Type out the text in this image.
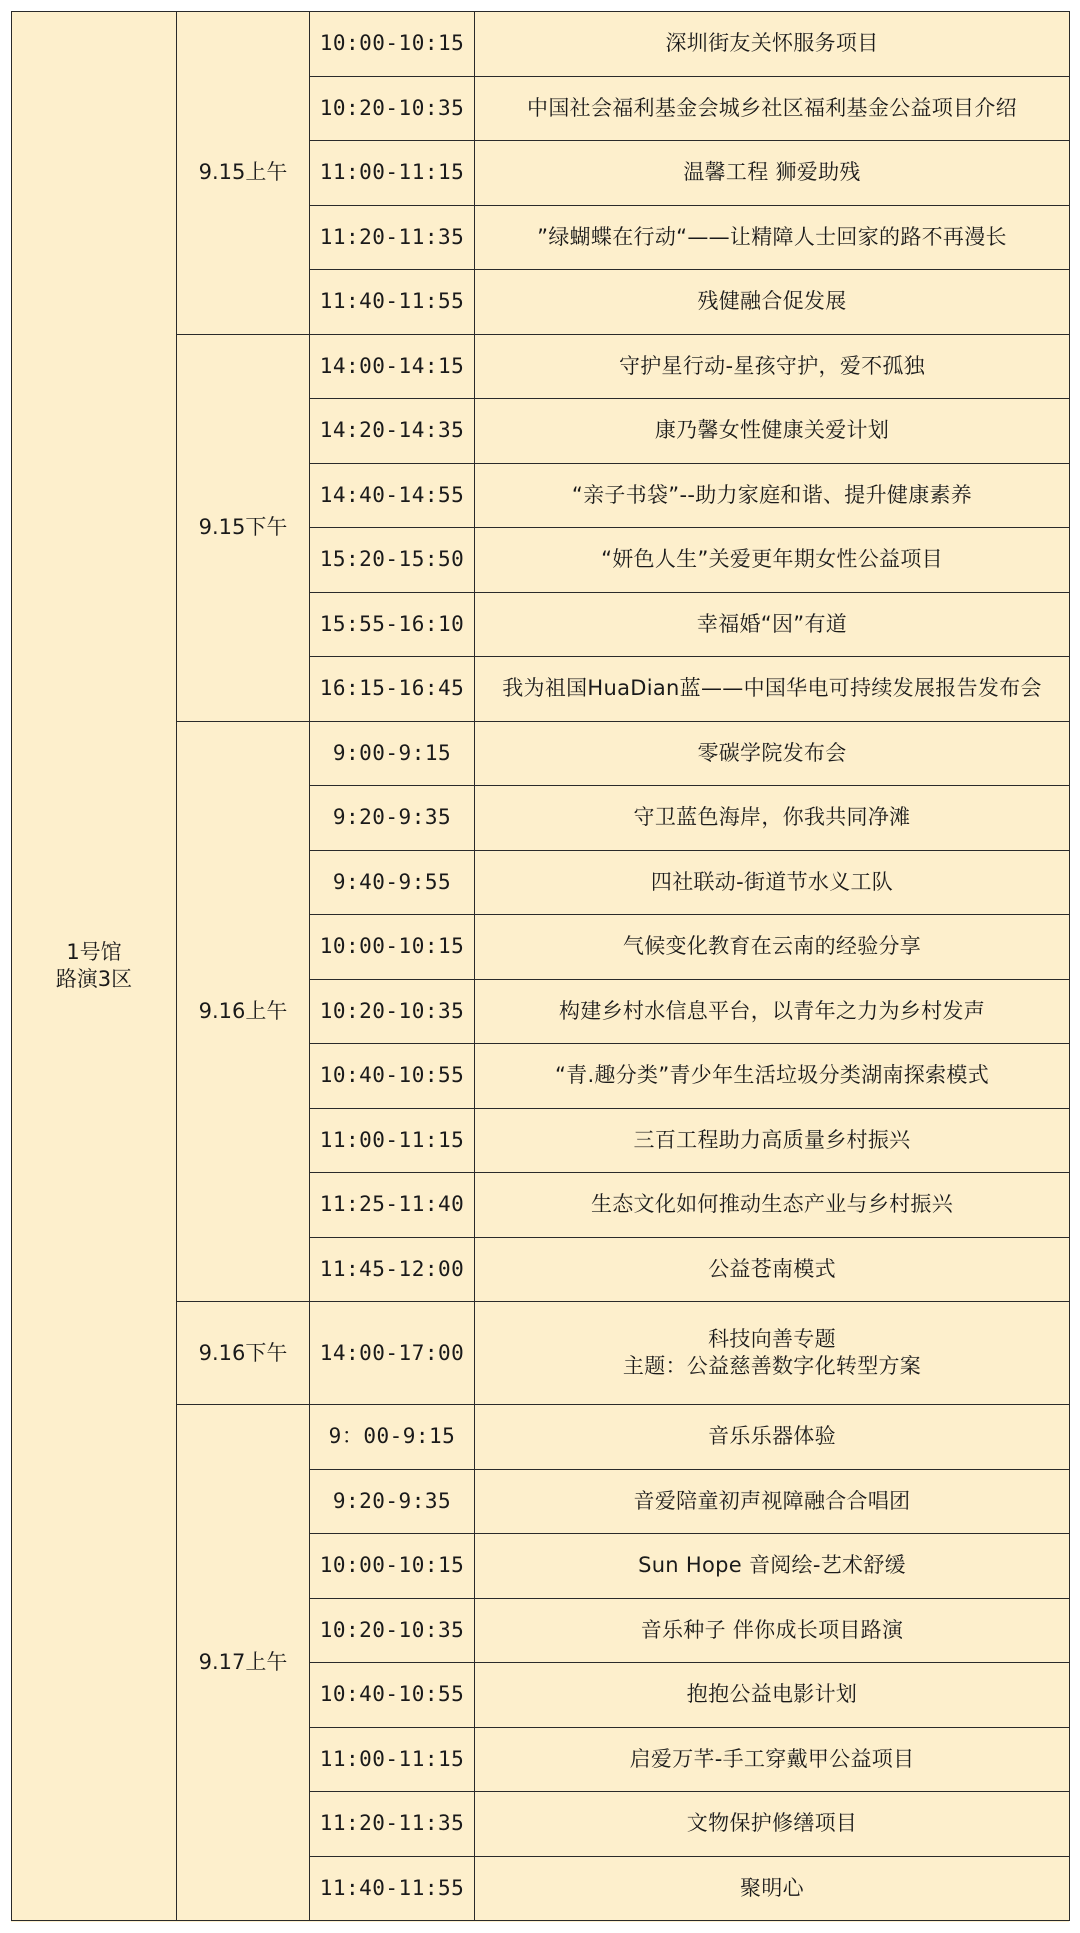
1号馆
路演3区	9.15上午	10:00-10:15	深圳街友关怀服务项目

		10:20-10:35	中国社会福利基金会城乡社区福利基金公益项目介绍

		11:00-11:15	温馨工程 狮爱助残

		11:20-11:35	”绿蝴蝶在行动“——让精障人士回家的路不再漫长

		11:40-11:55	残健融合促发展

	9.15下午	14:00-14:15	守护星行动-星孩守护，爱不孤独

		14:20-14:35	康乃馨女性健康关爱计划

		14:40-14:55	“亲子书袋”--助力家庭和谐、提升健康素养

		15:20-15:50	“妍色人生”关爱更年期女性公益项目

		15:55-16:10	幸福婚“因”有道

		16:15-16:45	我为祖国HuaDian蓝——中国华电可持续发展报告发布会

	9.16上午	9:00-9:15	零碳学院发布会

		9:20-9:35	守卫蓝色海岸，你我共同净滩

		9:40-9:55	四社联动-街道节水义工队

		10:00-10:15	气候变化教育在云南的经验分享

		10:20-10:35	构建乡村水信息平台，以青年之力为乡村发声

		10:40-10:55	“青.趣分类”青少年生活垃圾分类湖南探索模式

		11:00-11:15	三百工程助力高质量乡村振兴

		11:25-11:40	生态文化如何推动生态产业与乡村振兴

		11:45-12:00	公益苍南模式

	9.16下午	14:00-17:00	科技向善专题
主题：公益慈善数字化转型方案

	9.17上午	9：00-9:15	音乐乐器体验

		9:20-9:35	音爱陪童初声视障融合合唱团

		10:00-10:15	Sun Hope 音阅绘-艺术舒缓

		10:20-10:35	音乐种子 伴你成长项目路演

		10:40-10:55	抱抱公益电影计划

		11:00-11:15	启爱万芊-手工穿戴甲公益项目

		11:20-11:35	文物保护修缮项目

		11:40-11:55	聚明心
